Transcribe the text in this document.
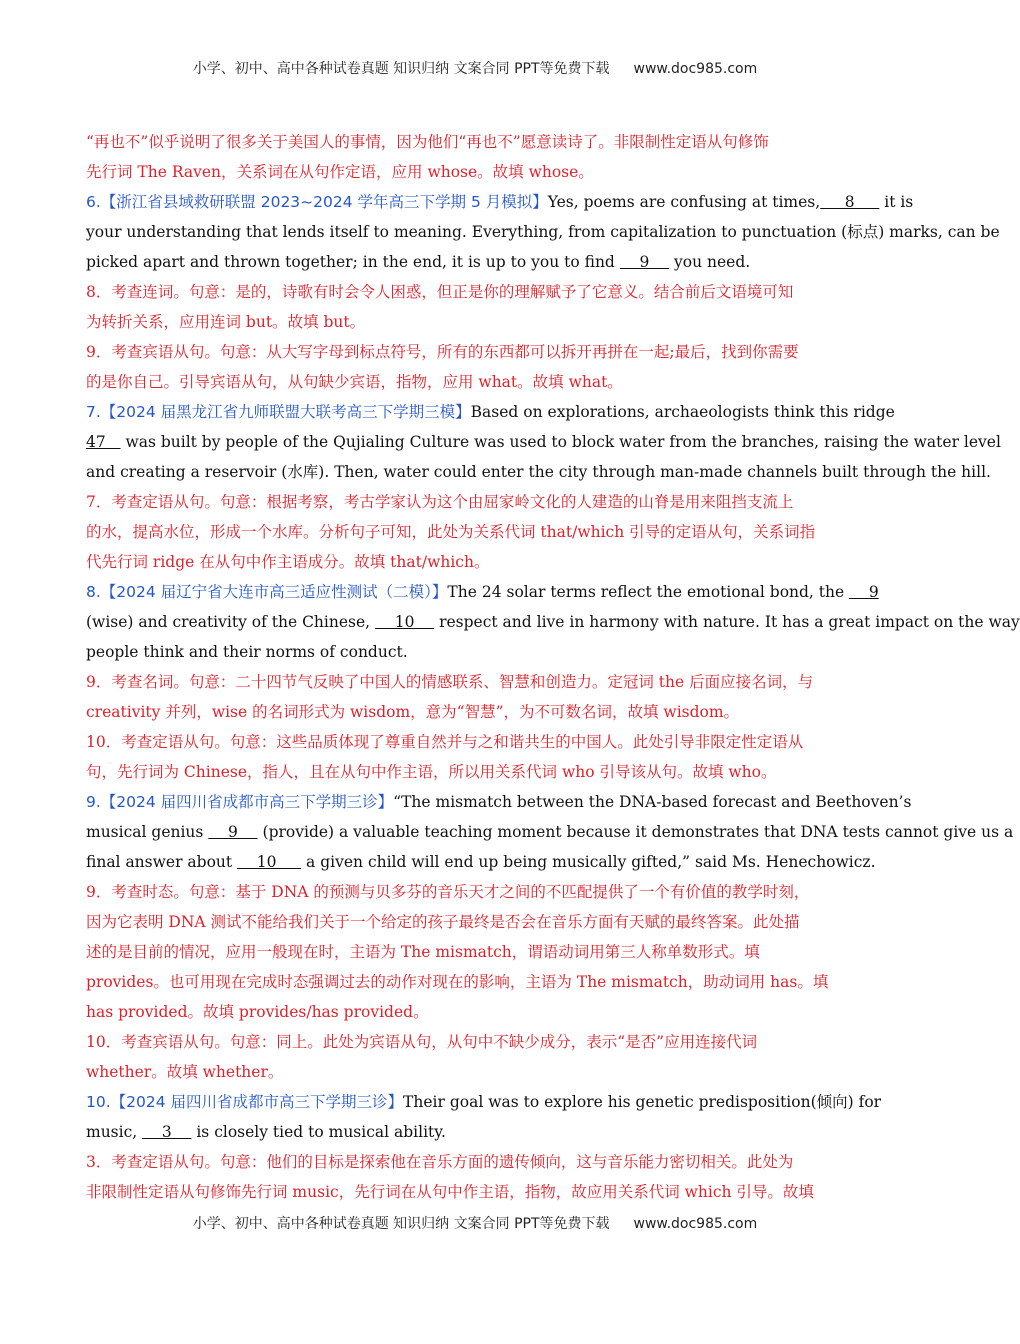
小学、初中、高中各种试卷真题 知识归纳 文案合同 PPT等免费下载 www.doc985.com
“再也不”似乎说明了很多关于美国人的事情，因为他们“再也不”愿意读诗了。非限制性定语从句修饰
先行词 The Raven，关系词在从句作定语，应用 whose。故填 whose。
6.【浙江省县域救研联盟 2023~2024 学年高三下学期 5 月模拟】Yes, poems are confusing at times,     8      it is
your understanding that lends itself to meaning. Everything, from capitalization to punctuation (标点) marks, can be
picked apart and thrown together; in the end, it is up to you to find     9     you need.
8．考查连词。句意：是的，诗歌有时会令人困惑，但正是你的理解赋予了它意义。结合前后文语境可知
为转折关系，应用连词 but。故填 but。
9．考查宾语从句。句意：从大写字母到标点符号，所有的东西都可以拆开再拼在一起;最后，找到你需要
的是你自己。引导宾语从句，从句缺少宾语，指物，应用 what。故填 what。
7.【2024 届黑龙江省九师联盟大联考高三下学期三模】Based on explorations, archaeologists think this ridge
47    was built by people of the Qujialing Culture was used to block water from the branches, raising the water level
and creating a reservoir (水库). Then, water could enter the city through man-made channels built through the hill.
7．考查定语从句。句意：根据考察，考古学家认为这个由屈家岭文化的人建造的山脊是用来阻挡支流上
的水，提高水位，形成一个水库。分析句子可知，此处为关系代词 that/which 引导的定语从句，关系词指
代先行词 ridge 在从句中作主语成分。故填 that/which。
8.【2024 届辽宁省大连市高三适应性测试（二模）】The 24 solar terms reflect the emotional bond, the     9
(wise) and creativity of the Chinese,     10     respect and live in harmony with nature. It has a great impact on the way
people think and their norms of conduct.
9．考查名词。句意：二十四节气反映了中国人的情感联系、智慧和创造力。定冠词 the 后面应接名词，与
creativity 并列，wise 的名词形式为 wisdom，意为“智慧”，为不可数名词，故填 wisdom。
10．考查定语从句。句意：这些品质体现了尊重自然并与之和谐共生的中国人。此处引导非限定性定语从
句，先行词为 Chinese，指人，且在从句中作主语，所以用关系代词 who 引导该从句。故填 who。
9.【2024 届四川省成都市高三下学期三诊】“The mismatch between the DNA-based forecast and Beethoven’s
musical genius     9     (provide) a valuable teaching moment because it demonstrates that DNA tests cannot give us a
final answer about     10      a given child will end up being musically gifted,” said Ms. Henechowicz.
9．考查时态。句意：基于 DNA 的预测与贝多芬的音乐天才之间的不匹配提供了一个有价值的教学时刻，
因为它表明 DNA 测试不能给我们关于一个给定的孩子最终是否会在音乐方面有天赋的最终答案。此处描
述的是目前的情况，应用一般现在时，主语为 The mismatch，谓语动词用第三人称单数形式。填
provides。也可用现在完成时态强调过去的动作对现在的影响，主语为 The mismatch，助动词用 has。填
has provided。故填 provides/has provided。
10．考查宾语从句。句意：同上。此处为宾语从句，从句中不缺少成分，表示“是否”应用连接代词
whether。故填 whether。
10.【2024 届四川省成都市高三下学期三诊】Their goal was to explore his genetic predisposition(倾向) for
music,     3     is closely tied to musical ability.
3．考查定语从句。句意：他们的目标是探索他在音乐方面的遗传倾向，这与音乐能力密切相关。此处为
非限制性定语从句修饰先行词 music，先行词在从句中作主语，指物，故应用关系代词 which 引导。故填
小学、初中、高中各种试卷真题 知识归纳 文案合同 PPT等免费下载 www.doc985.com
